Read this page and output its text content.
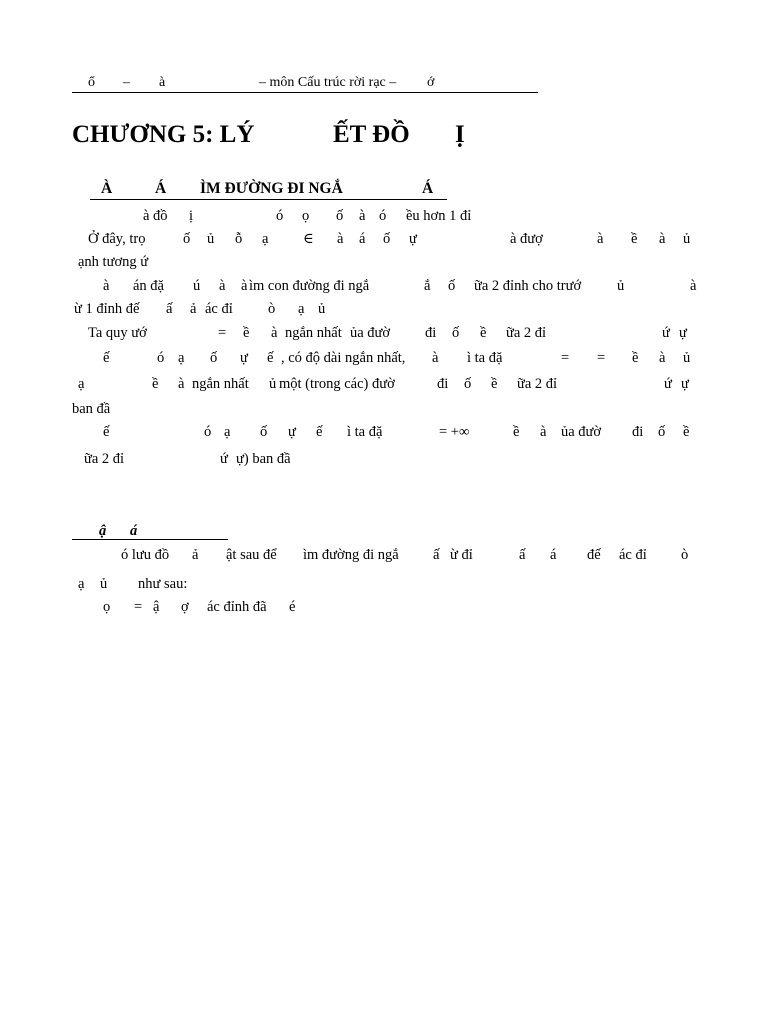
ổ – à	– môn Cấu trúc rời rạc – ớ
CHƯƠNG 5: LÝ	ẾT ĐỒ Ị
À	Á ÌM ĐƯỜNG ĐI NGẮ	Á
à đồ ị	ó ọ ố à ó ều hơn 1 đỉ
Ở đây, trọ	ố ủ ỗ ạ ∈ à á ố ự	à đượ	à ề à ủ
ạnh tương ứ
à án đặ ú à à ìm con đường đi ngắ	ắ ố ữa 2 đỉnh cho trướ ủ	à
ừ 1 đỉnh đế ấ ả ác đỉ ò ạ ủ
Ta quy ướ	= ề à ngắn nhất ủa đườ đi ố ề ữa 2 đỉ	ứ ự
ế	ó ạ ố ự ế , có độ dài ngắn nhất, à ì ta đặ	= = ề à ủ
ạ	ề à ngắn nhất ủ một (trong các) đườ	đi ố ề ữa 2 đỉ	ứ ự
ban đầ
ế	ó ạ ố ự ế ì ta đặ	= +∞	ề à ủa đườ đi ố ề
ữa 2 đỉ	ứ ự) ban đầ
ậ á
ó lưu đồ ả ật sau để ìm đường đi ngắ ấ ừ đỉ	ấ á đế ác đỉ ò
ạ ủ như sau:
ọ = ậ ợ ác đỉnh đã é
